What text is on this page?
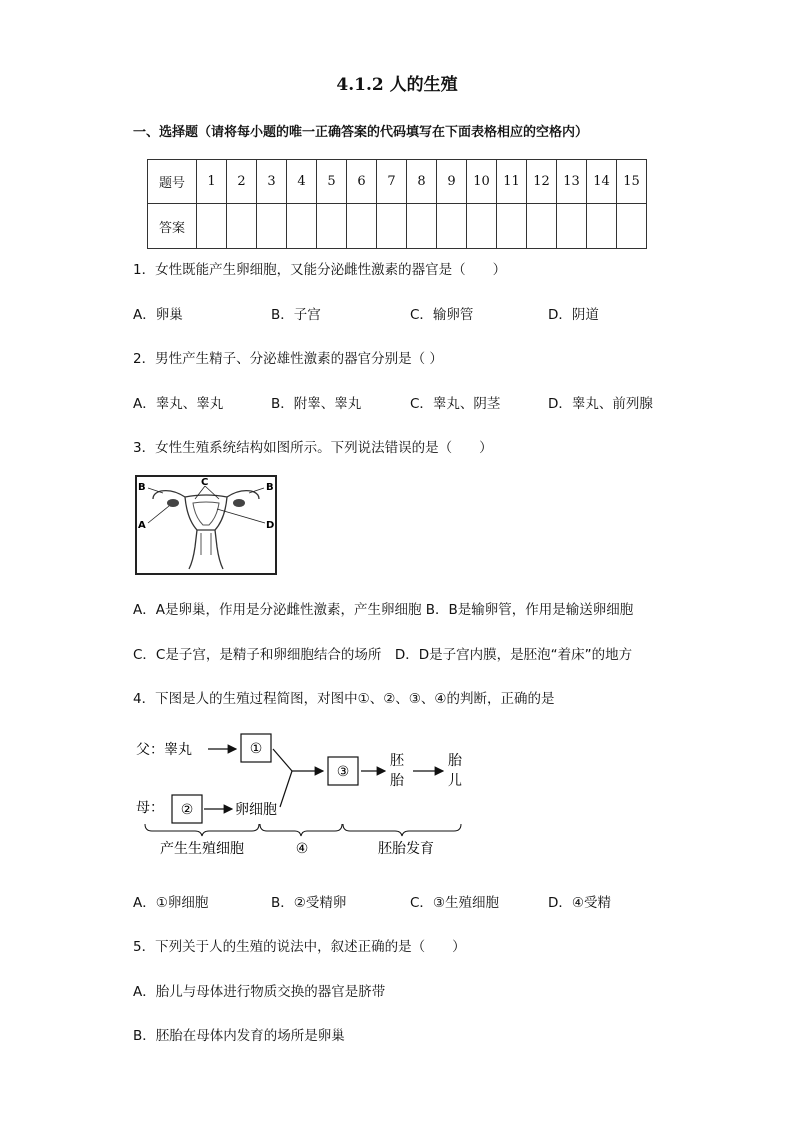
4.1.2 人的生殖
一、选择题（请将每小题的唯一正确答案的代码填写在下面表格相应的空格内）
题号	1	2	3	4	5	6	7	8	9	10	11	12	13	14	15
答案															
1．女性既能产生卵细胞，又能分泌雌性激素的器官是（　　）
A．卵巢	B．子宫	C．输卵管	D．阴道
2．男性产生精子、分泌雄性激素的器官分别是（ ）
A．睾丸、睾丸	B．附睾、睾丸	C．睾丸、阴茎	D．睾丸、前列腺
3．女性生殖系统结构如图所示。下列说法错误的是（　　）
A
B	C	B
D
A．A是卵巢，作用是分泌雌性激素，产生卵细胞 B．B是输卵管，作用是输送卵细胞
C．C是子宫，是精子和卵细胞结合的场所　D．D是子宫内膜，是胚泡“着床”的地方
4．下图是人的生殖过程简图，对图中①、②、③、④的判断，正确的是
父：睾丸	①
母： ②	卵细胞
③
胚
胎
胎
儿
产生生殖细胞	④	胚胎发育
A．①卵细胞	B．②受精卵	C．③生殖细胞	D．④受精
5．下列关于人的生殖的说法中，叙述正确的是（　　）
A．胎儿与母体进行物质交换的器官是脐带
B．胚胎在母体内发育的场所是卵巢
